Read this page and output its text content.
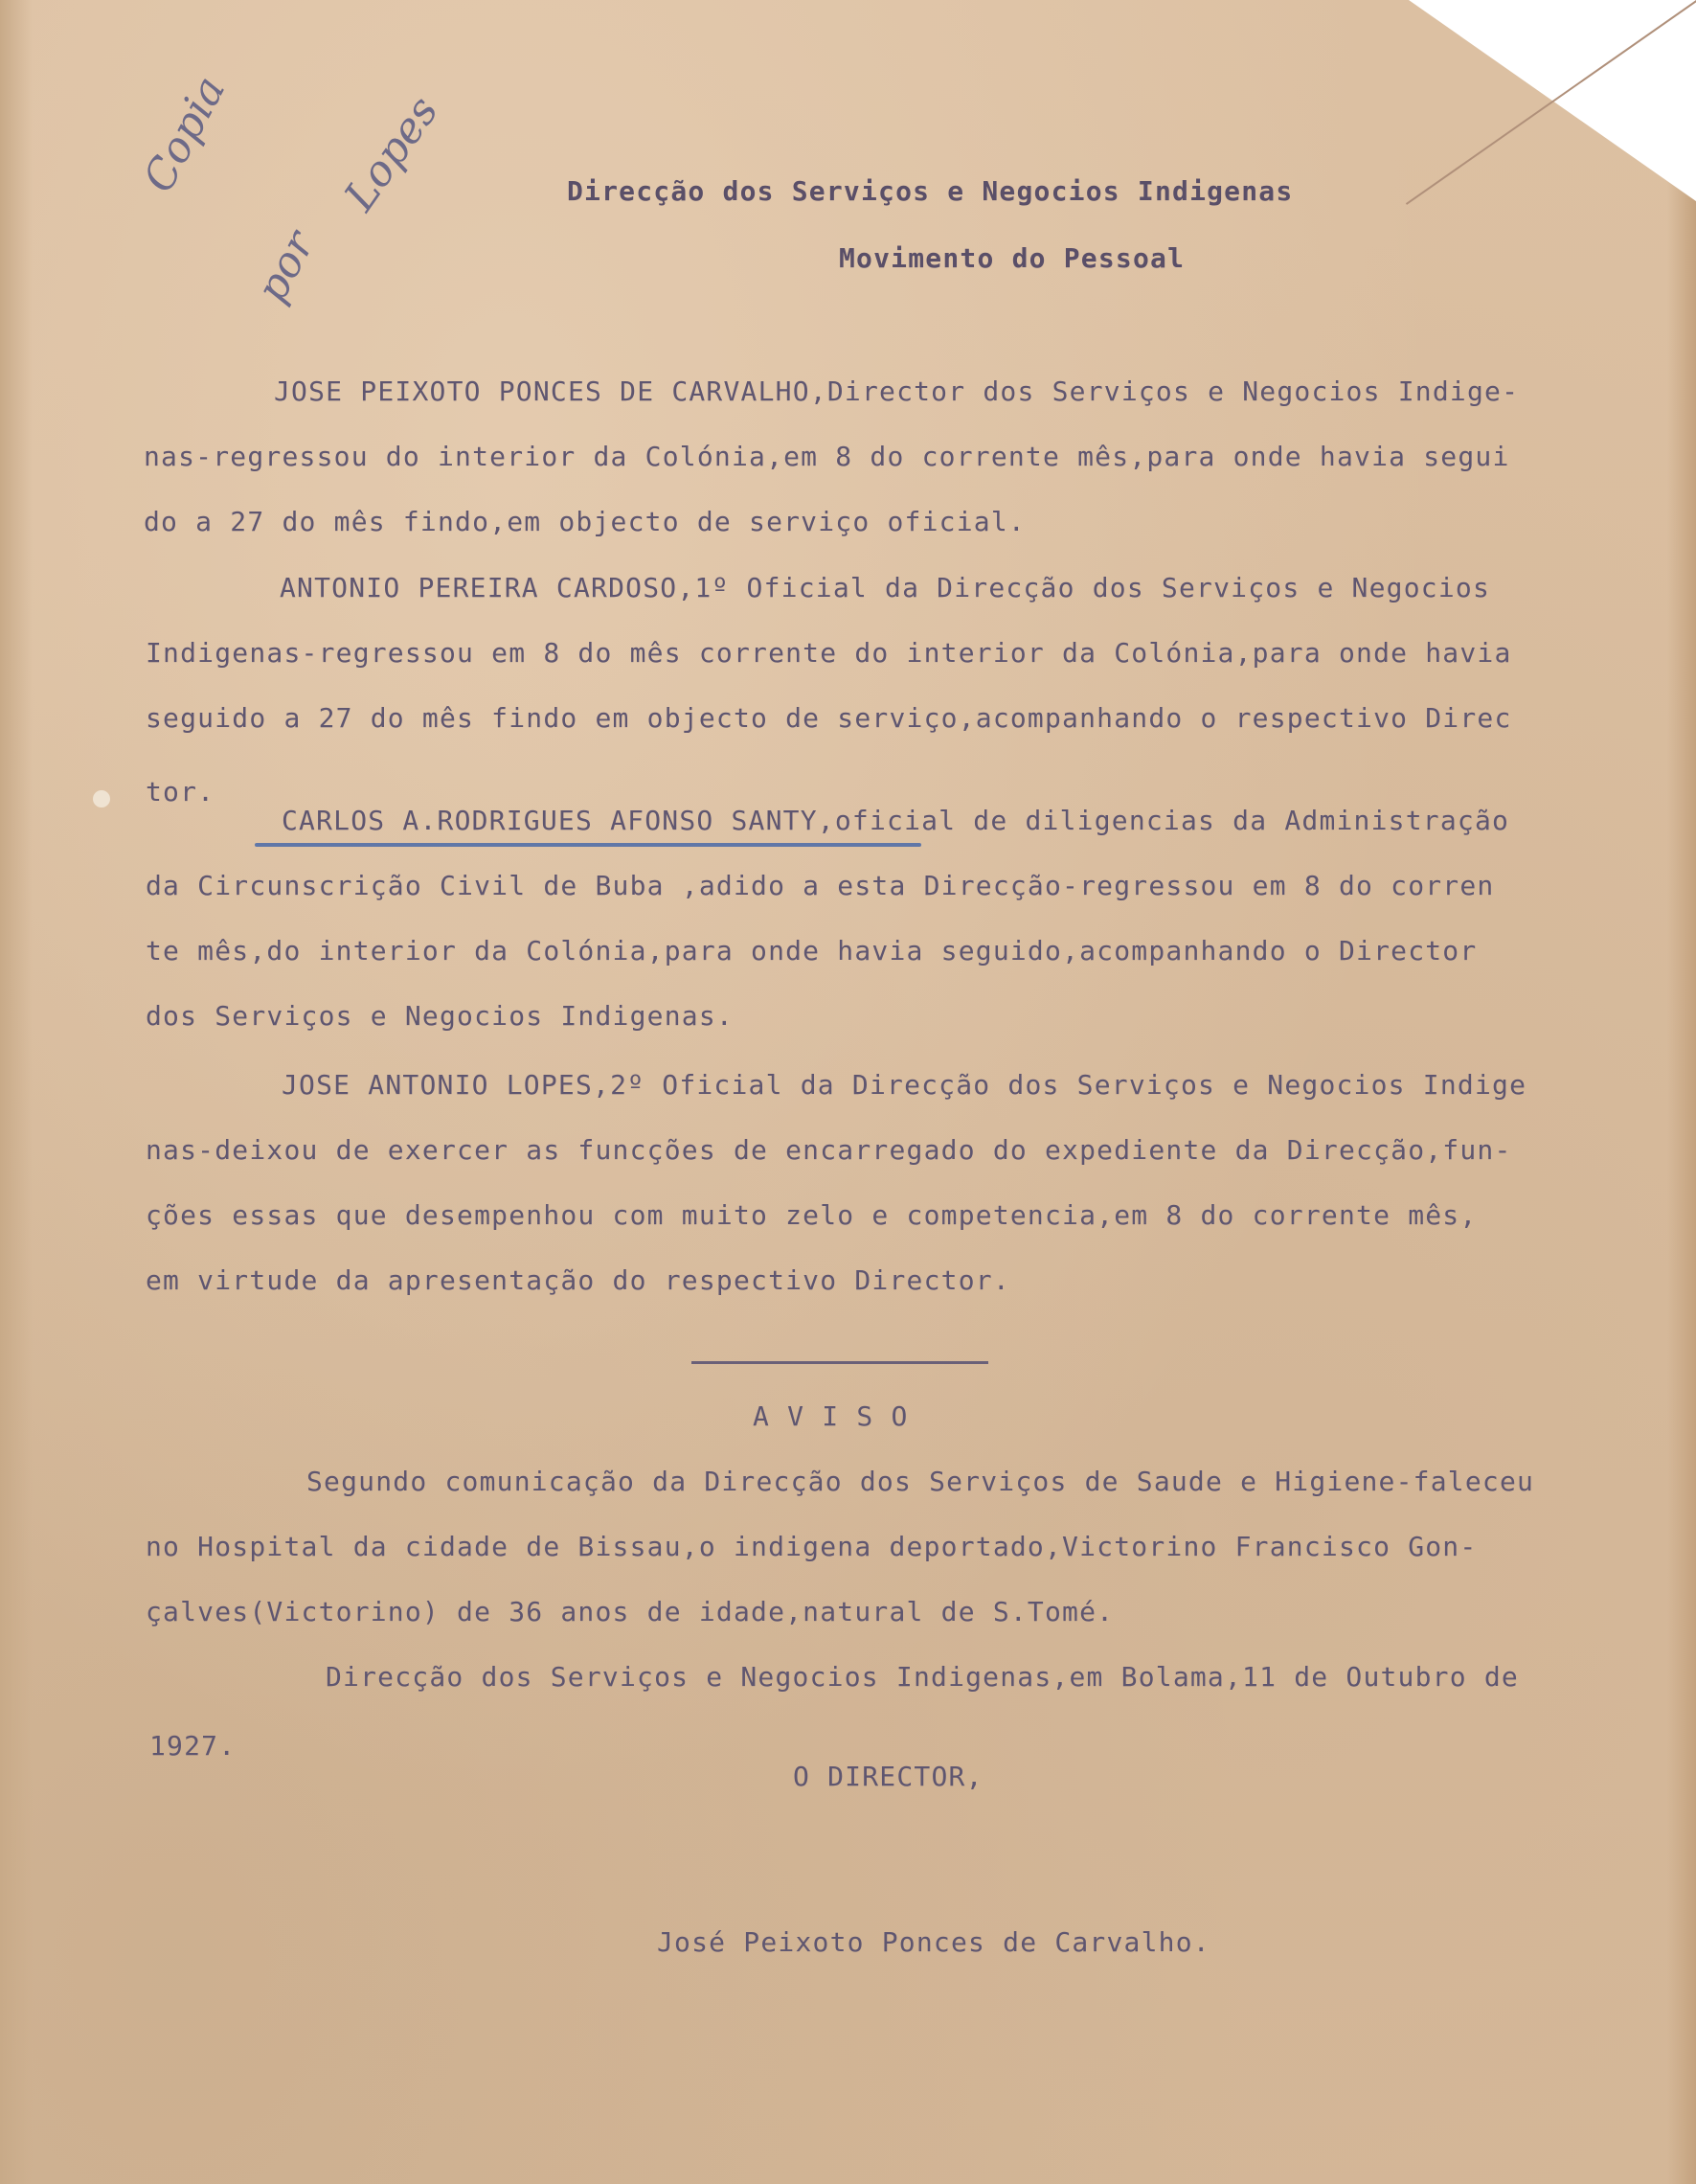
Copia
por
Lopes	Direcção dos Serviços e Negocios Indigenas
Movimento do Pessoal
JOSE PEIXOTO PONCES DE CARVALHO,Director dos Serviços e Negocios Indige-
nas-regressou do interior da Colónia,em 8 do corrente mês,para onde havia segui
do a 27 do mês findo,em objecto de serviço oficial.
ANTONIO PEREIRA CARDOSO,1º Oficial da Direcção dos Serviços e Negocios
Indigenas-regressou em 8 do mês corrente do interior da Colónia,para onde havia
seguido a 27 do mês findo em objecto de serviço,acompanhando o respectivo Direc
tor.
CARLOS A.RODRIGUES AFONSO SANTY,oficial de diligencias da Administração
da Circunscrição Civil de Buba ,adido a esta Direcção-regressou em 8 do corren
te mês,do interior da Colónia,para onde havia seguido,acompanhando o Director
dos Serviços e Negocios Indigenas.
JOSE ANTONIO LOPES,2º Oficial da Direcção dos Serviços e Negocios Indige
nas-deixou de exercer as funcções de encarregado do expediente da Direcção,fun-
ções essas que desempenhou com muito zelo e competencia,em 8 do corrente mês,
em virtude da apresentação do respectivo Director.
A V I S O
Segundo comunicação da Direcção dos Serviços de Saude e Higiene-faleceu
no Hospital da cidade de Bissau,o indigena deportado,Victorino Francisco Gon-
çalves(Victorino) de 36 anos de idade,natural de S.Tomé.
Direcção dos Serviços e Negocios Indigenas,em Bolama,11 de Outubro de
1927.
O DIRECTOR,
José Peixoto Ponces de Carvalho.
